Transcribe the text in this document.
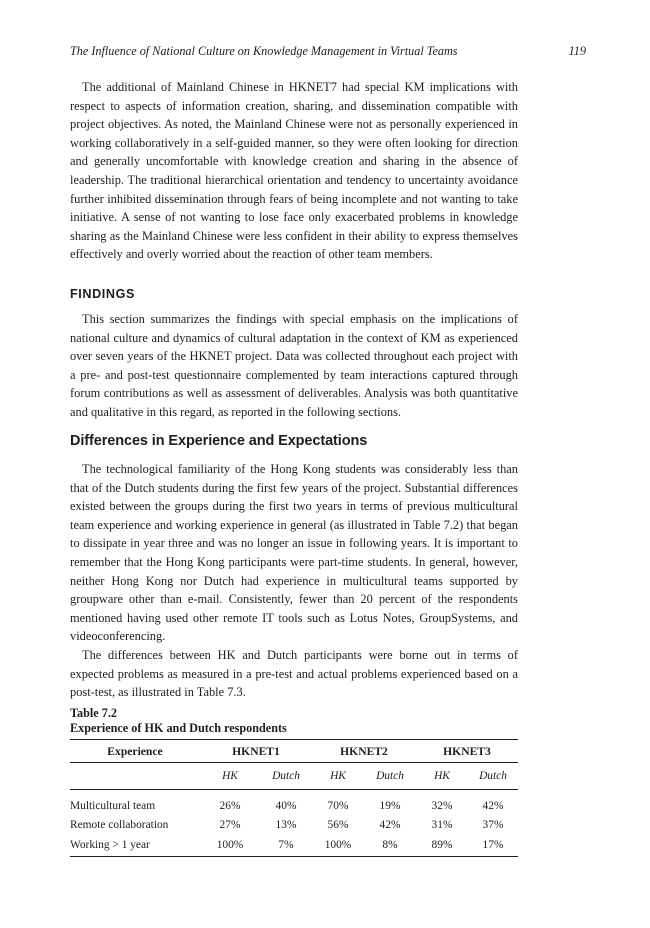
The Influence of National Culture on Knowledge Management in Virtual Teams	119

The additional of Mainland Chinese in HKNET7 had special KM implications with respect to aspects of information creation, sharing, and dissemination compatible with project objectives. As noted, the Mainland Chinese were not as personally experienced in working collaboratively in a self-guided manner, so they were often looking for direction and generally uncomfortable with knowledge creation and sharing in the absence of leadership. The traditional hierarchical orientation and tendency to uncertainty avoidance further inhibited dissemination through fears of being incomplete and not wanting to take initiative. A sense of not wanting to lose face only exacerbated problems in knowledge sharing as the Mainland Chinese were less confident in their ability to express themselves effectively and overly worried about the reaction of other team members.

FINDINGS

This section summarizes the findings with special emphasis on the implications of national culture and dynamics of cultural adaptation in the context of KM as experienced over seven years of the HKNET project. Data was collected throughout each project with a pre- and post-test questionnaire complemented by team interactions captured through forum contributions as well as assessment of deliverables. Analysis was both quantitative and qualitative in this regard, as reported in the following sections.

Differences in Experience and Expectations

The technological familiarity of the Hong Kong students was considerably less than that of the Dutch students during the first few years of the project. Substantial differences existed between the groups during the first two years in terms of previous multicultural team experience and working experience in general (as illustrated in Table 7.2) that began to dissipate in year three and was no longer an issue in following years. It is important to remember that the Hong Kong participants were part-time students. In general, however, neither Hong Kong nor Dutch had experience in multicultural teams supported by groupware other than e-mail. Consistently, fewer than 20 percent of the respondents mentioned having used other remote IT tools such as Lotus Notes, GroupSystems, and videoconferencing.

The differences between HK and Dutch participants were borne out in terms of expected problems as measured in a pre-test and actual problems experienced based on a post-test, as illustrated in Table 7.3.

Table 7.2
Experience of HK and Dutch respondents
Experience	HKNET1		HKNET2		HKNET3	
	HK	Dutch	HK	Dutch	HK	Dutch
Multicultural team	26%	40%	70%	19%	32%	42%
Remote collaboration	27%	13%	56%	42%	31%	37%
Working > 1 year	100%	7%	100%	8%	89%	17%
